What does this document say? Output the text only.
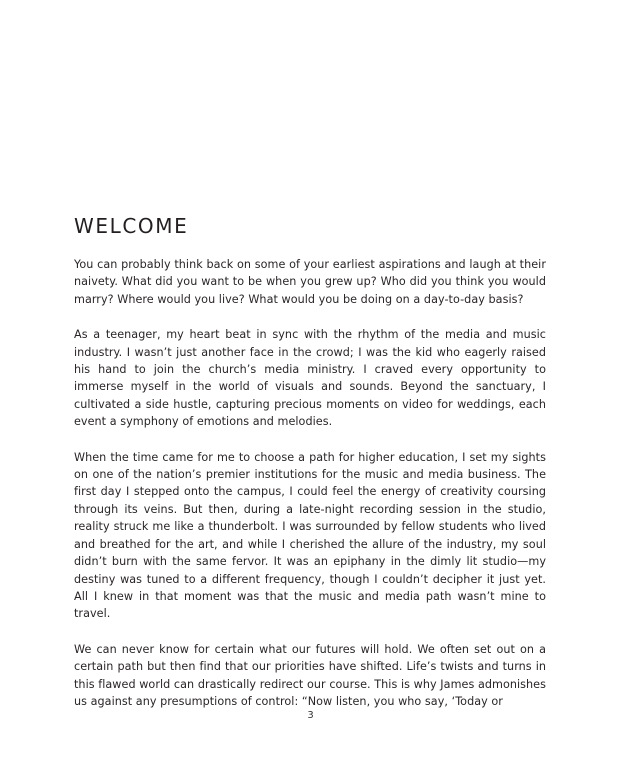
WELCOME

You can probably think back on some of your earliest aspirations and laugh at their naivety. What did you want to be when you grew up? Who did you think you would marry? Where would you live? What would you be doing on a day-to-day basis?

As a teenager, my heart beat in sync with the rhythm of the media and music industry. I wasn’t just another face in the crowd; I was the kid who eagerly raised his hand to join the church’s media ministry. I craved every opportunity to immerse myself in the world of visuals and sounds. Beyond the sanctuary, I cultivated a side hustle, capturing precious moments on video for weddings, each event a symphony of emotions and melodies.

When the time came for me to choose a path for higher education, I set my sights on one of the nation’s premier institutions for the music and media business. The first day I stepped onto the campus, I could feel the energy of creativity coursing through its veins. But then, during a late-night recording session in the studio, reality struck me like a thunderbolt. I was surrounded by fellow students who lived and breathed for the art, and while I cherished the allure of the industry, my soul didn’t burn with the same fervor. It was an epiphany in the dimly lit studio—my destiny was tuned to a different frequency, though I couldn’t decipher it just yet. All I knew in that moment was that the music and media path wasn’t mine to travel.

We can never know for certain what our futures will hold. We often set out on a certain path but then find that our priorities have shifted. Life’s twists and turns in this flawed world can drastically redirect our course. This is why James admonishes us against any presumptions of control: “Now listen, you who say, ‘Today or

3
